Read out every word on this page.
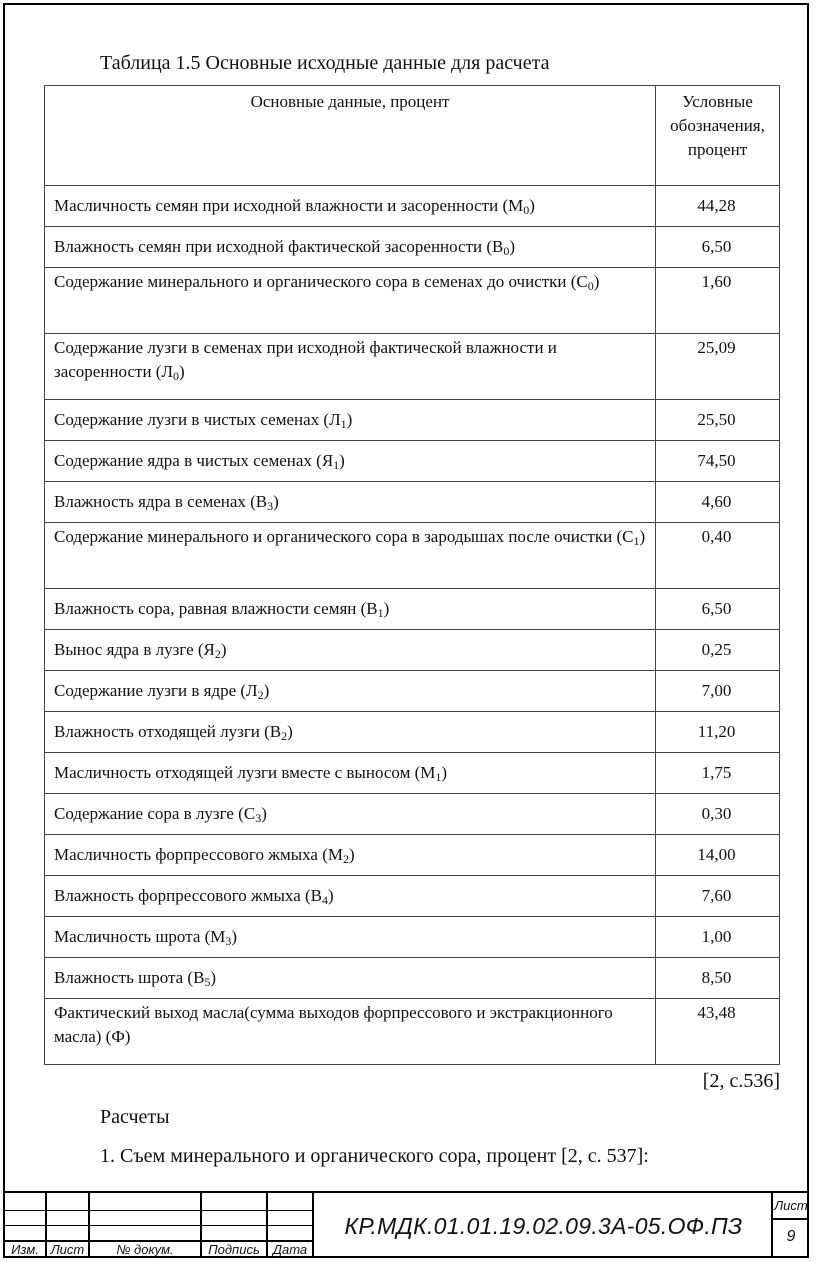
Таблица 1.5 Основные исходные данные для расчета
Основные данные, процент	Условные
обозначения,
процент
Масличность семян при исходной влажности и засоренности $(М_0)$	44,28
Влажность семян при исходной фактической засоренности $(В_0)$	6,50
Содержание минерального и органического сора в семенах до очистки $(С_0)$	1,60
Содержание лузги в семенах при исходной фактической влажности и засоренности $(Л_0)$	25,09
Содержание лузги в чистых семенах $(Л_1)$	25,50
Содержание ядра в чистых семенах $(Я_1)$	74,50
Влажность ядра в семенах $(В_3)$	4,60
Содержание минерального и органического сора в зародышах после очистки $(С_1)$	0,40
Влажность сора, равная влажности семян $(В_1)$	6,50
Вынос ядра в лузге $(Я_2)$	0,25
Содержание лузги в ядре $(Л_2)$	7,00
Влажность отходящей лузги $(В_2)$	11,20
Масличность отходящей лузги вместе с выносом $(М_1)$	1,75
Содержание сора в лузге $(С_3)$	0,30
Масличность форпрессового жмыха $(М_2)$	14,00
Влажность форпрессового жмыха $(В_4)$	7,60
Масличность шрота $(М_3)$	1,00
Влажность шрота $(В_5)$	8,50
Фактический выход масла(сумма выходов форпрессового и экстракционного масла) (Ф)	43,48
[2, с.536]
Расчеты
1. Съем минерального и органического сора, процент [2, с. 537]:
Изм. Лист	№ докум.	Подпись	Дата
КР.МДК.01.01.19.02.09.3А-05.ОФ.ПЗ
Лист
9
